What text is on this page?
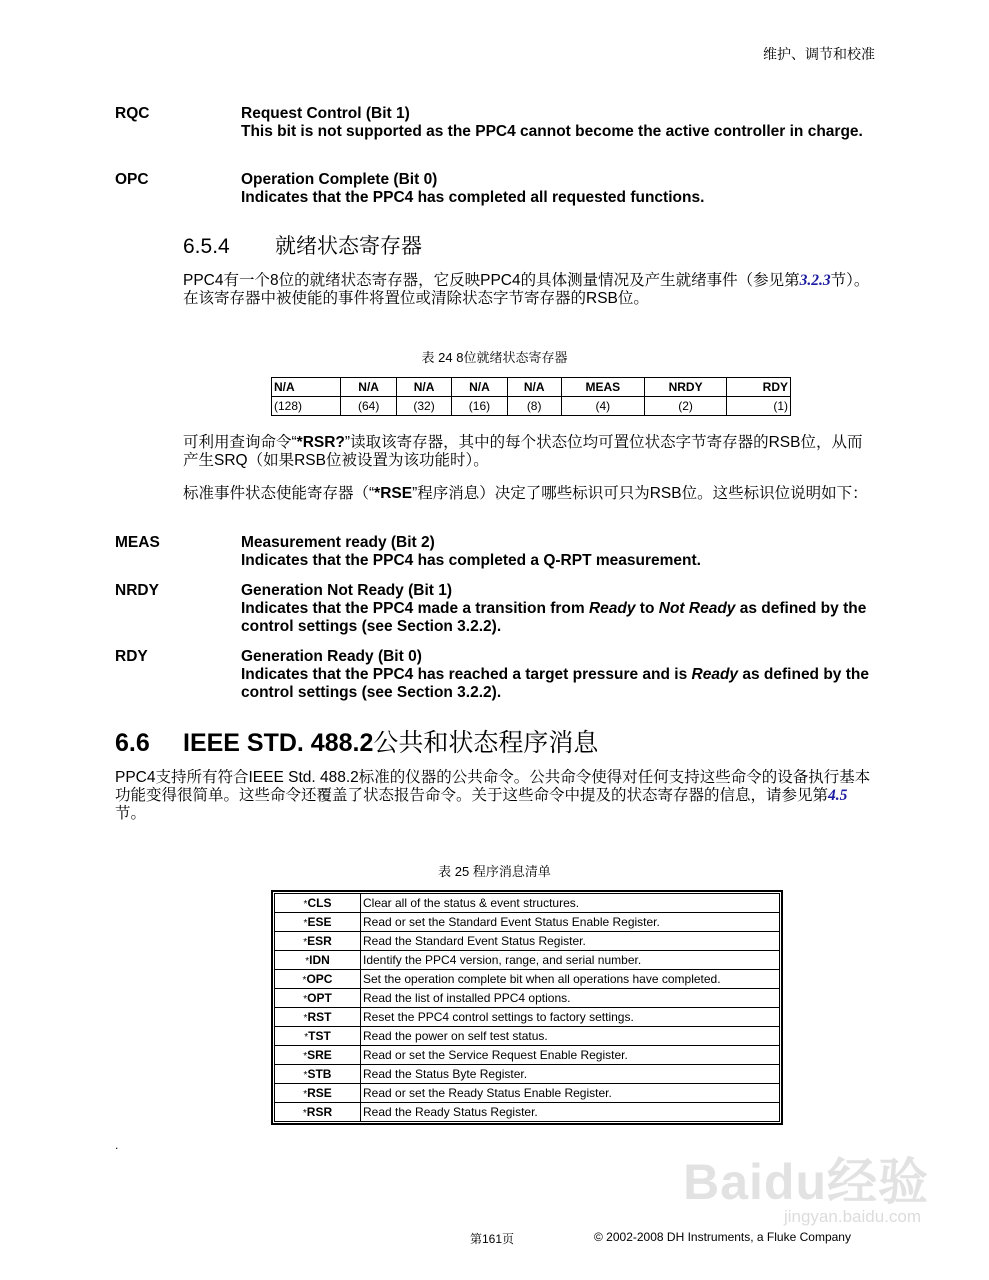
维护、调节和校准
RQC	Request Control (Bit 1)
This bit is not supported as the PPC4 cannot become the active controller in charge.
OPC	Operation Complete (Bit 0)
Indicates that the PPC4 has completed all requested functions.
6.5.4 就绪状态寄存器
PPC4有一个8位的就绪状态寄存器，它反映PPC4的具体测量情况及产生就绪事件（参见第3.2.3节）。在该寄存器中被使能的事件将置位或清除状态字节寄存器的RSB位。
表 24 8位就绪状态寄存器
N/A	N/A	N/A	N/A	N/A	MEAS	NRDY	RDY
(128)	(64)	(32)	(16)	(8)	(4)	(2)	(1)
可利用查询命令“*RSR?”读取该寄存器，其中的每个状态位均可置位状态字节寄存器的RSB位，从而产生SRQ（如果RSB位被设置为该功能时）。
标准事件状态使能寄存器（“*RSE”程序消息）决定了哪些标识可只为RSB位。这些标识位说明如下：
MEAS	Measurement ready (Bit 2)
Indicates that the PPC4 has completed a Q-RPT measurement.
NRDY	Generation Not Ready (Bit 1)
Indicates that the PPC4 made a transition from Ready to Not Ready as defined by the control settings (see Section 3.2.2).
RDY	Generation Ready (Bit 0)
Indicates that the PPC4 has reached a target pressure and is Ready as defined by the control settings (see Section 3.2.2).
6.6 IEEE STD. 488.2公共和状态程序消息
PPC4支持所有符合IEEE Std. 488.2标准的仪器的公共命令。公共命令使得对任何支持这些命令的设备执行基本功能变得很简单。这些命令还覆盖了状态报告命令。关于这些命令中提及的状态寄存器的信息，请参见第4.5节。
表 25 程序消息清单
*CLS	Clear all of the status & event structures.
*ESE	Read or set the Standard Event Status Enable Register.
*ESR	Read the Standard Event Status Register.
*IDN	Identify the PPC4 version, range, and serial number.
*OPC	Set the operation complete bit when all operations have completed.
*OPT	Read the list of installed PPC4 options.
*RST	Reset the PPC4 control settings to factory settings.
*TST	Read the power on self test status.
*SRE	Read or set the Service Request Enable Register.
*STB	Read the Status Byte Register.
*RSE	Read or set the Ready Status Enable Register.
*RSR	Read the Ready Status Register.
.
Baidu经验
jingyan.baidu.com
第161页	© 2002-2008 DH Instruments, a Fluke Company
